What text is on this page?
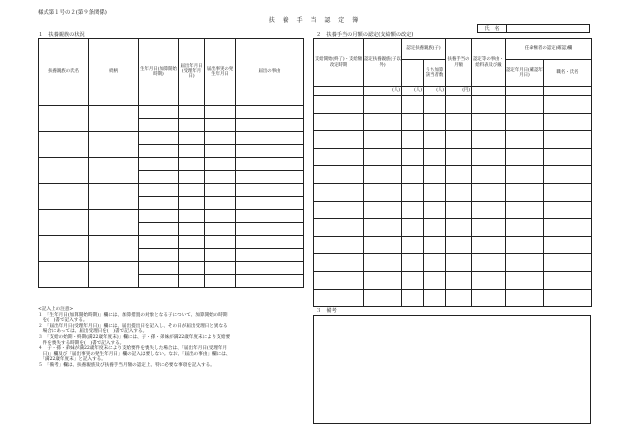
様式第１号の２(第９条関係)
扶 養 手 当 認 定 簿
氏　名
１　扶養親族の状況
扶養親族の氏名	続柄	生年月日(加算開始時期)	届出年月日(受理年月日)	届出事実の発生年月日	届出の事由	

２　扶養手当の月額の認定(支給額の改定)
支給開始(終了)・支給額改定時期	認定扶養親族(子以外)	認定扶養親族(子)		扶養手当の月額	認定等の事由・給料表及び級	任命権者の認定(確認)欄	
			うち加算該当者数			認定年月日(確認年月日)	職名・氏名
	(人)	(人)	(人)	(円)			

<記入上の注意>
１　「生年月日(加算開始時期)」欄には、加算措置の対象となる子について、加算開始の時期
　を(　)書で記入する。
２　「届出年月日(受理年月日)」欄には、届出提出日を記入し、その日が届出受理日と異なる
　場合にあっては、届出受理日を(　)書で記入する。
３　「支給の始期・終期(満22歳年度末)」欄には、子・孫・弟妹が満22歳年度末により支給要
　件を喪失する時期を(　)書で記入する。
４　子・孫・弟妹が満22歳年度末により支給要件を喪失した場合は、「届出年月日(受理年月
　日)」欄及び「届出事実の発生年月日」欄の記入は要しない。なお、「届出の事由」欄には、
　「満22歳年度末」と記入する。
５　「備考」欄は、扶養親族及び扶養手当月額の認定上、特に必要な事項を記入する。
３　備考
